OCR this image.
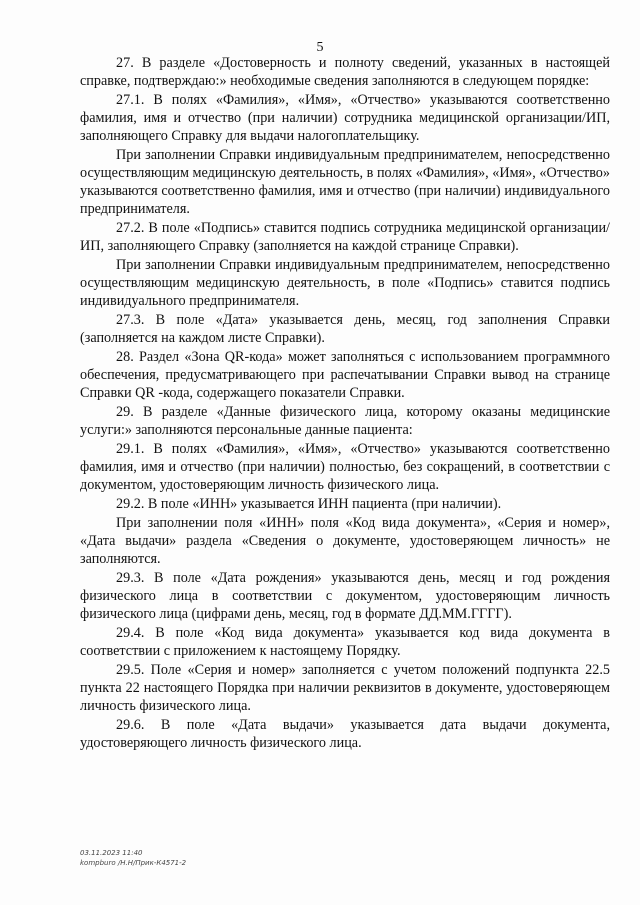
5

27. В разделе «Достоверность и полноту сведений, указанных в настоящей справке, подтверждаю:» необходимые сведения заполняются в следующем порядке:

27.1. В полях «Фамилия», «Имя», «Отчество» указываются соответственно фамилия, имя и отчество (при наличии) сотрудника медицинской организации/ИП, заполняющего Справку для выдачи налогоплательщику.

При заполнении Справки индивидуальным предпринимателем, непосредственно осуществляющим медицинскую деятельность, в полях «Фамилия», «Имя», «Отчество» указываются соответственно фамилия, имя и отчество (при наличии) индивидуального предпринимателя.

27.2. В поле «Подпись» ставится подпись сотрудника медицинской организации/ИП, заполняющего Справку (заполняется на каждой странице Справки).

При заполнении Справки индивидуальным предпринимателем, непосредственно осуществляющим медицинскую деятельность, в поле «Подпись» ставится подпись индивидуального предпринимателя.

27.3. В поле «Дата» указывается день, месяц, год заполнения Справки (заполняется на каждом листе Справки).

28. Раздел «Зона QR-кода» может заполняться с использованием программного обеспечения, предусматривающего при распечатывании Справки вывод на странице Справки QR -кода, содержащего показатели Справки.

29. В разделе «Данные физического лица, которому оказаны медицинские услуги:» заполняются персональные данные пациента:

29.1. В полях «Фамилия», «Имя», «Отчество» указываются соответственно фамилия, имя и отчество (при наличии) полностью, без сокращений, в соответствии с документом, удостоверяющим личность физического лица.

29.2. В поле «ИНН» указывается ИНН пациента (при наличии).

При заполнении поля «ИНН» поля «Код вида документа», «Серия и номер», «Дата выдачи» раздела «Сведения о документе, удостоверяющем личность» не заполняются.

29.3. В поле «Дата рождения» указываются день, месяц и год рождения физического лица в соответствии с документом, удостоверяющим личность физического лица (цифрами день, месяц, год в формате ДД.ММ.ГГГГ).

29.4. В поле «Код вида документа» указывается код вида документа в соответствии с приложением к настоящему Порядку.

29.5. Поле «Серия и номер» заполняется с учетом положений подпункта 22.5 пункта 22 настоящего Порядка при наличии реквизитов в документе, удостоверяющем личность физического лица.

29.6. В поле «Дата выдачи» указывается дата выдачи документа, удостоверяющего личность физического лица.

03.11.2023 11:40
kompburo /Н.Н/Прик-К4571-2
